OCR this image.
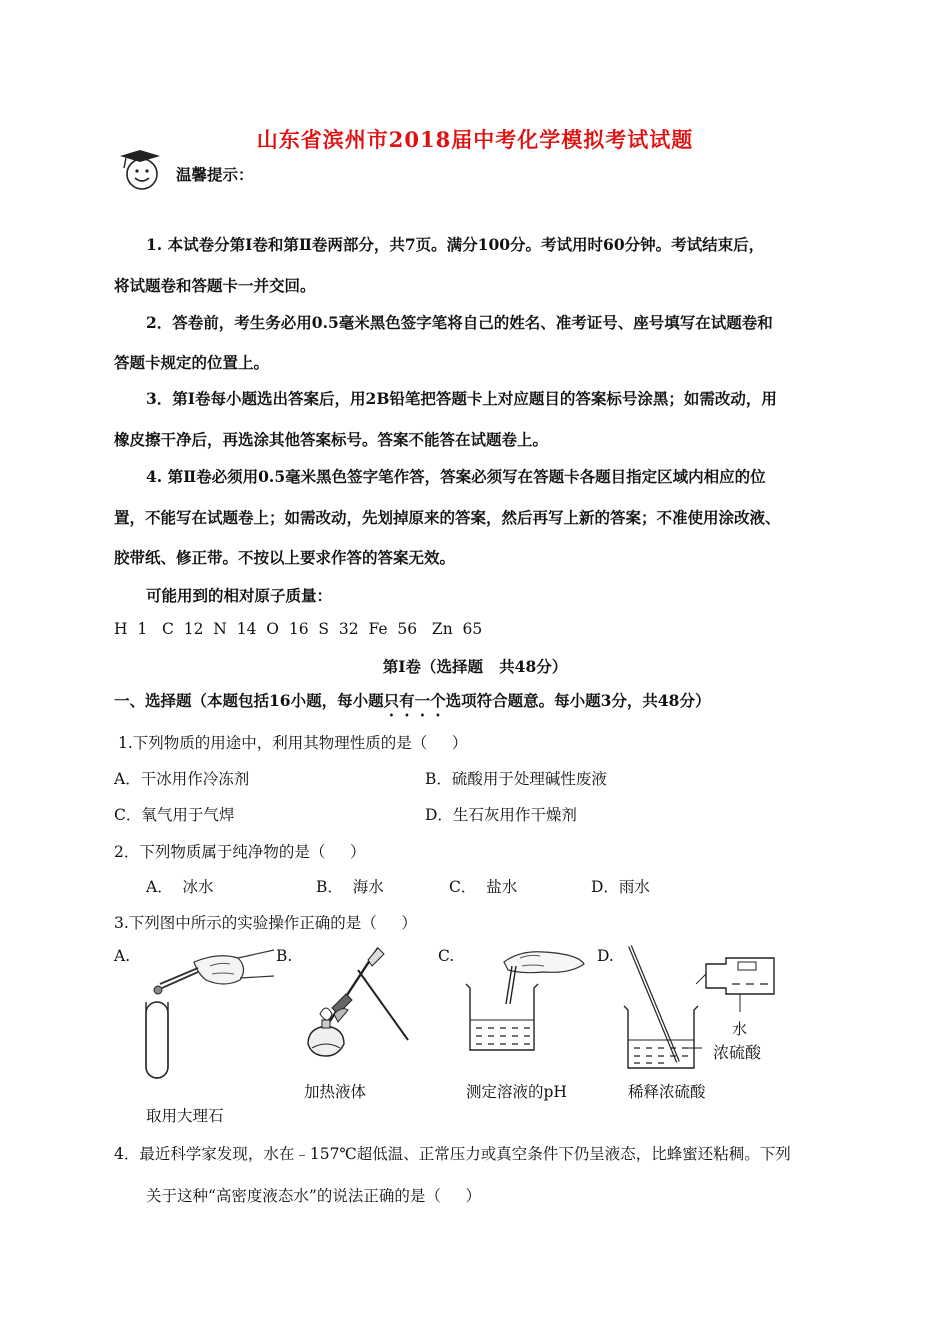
山东省滨州市2018届中考化学模拟考试试题
温馨提示：
1. 本试卷分第Ⅰ卷和第Ⅱ卷两部分，共7页。满分100分。考试用时60分钟。考试结束后，
将试题卷和答题卡一并交回。
2．答卷前，考生务必用0.5毫米黑色签字笔将自己的姓名、准考证号、座号填写在试题卷和
答题卡规定的位置上。
3．第Ⅰ卷每小题选出答案后，用2B铅笔把答题卡上对应题目的答案标号涂黑；如需改动，用
橡皮擦干净后，再选涂其他答案标号。答案不能答在试题卷上。
4. 第Ⅱ卷必须用0.5毫米黑色签字笔作答，答案必须写在答题卡各题目指定区域内相应的位
置，不能写在试题卷上；如需改动，先划掉原来的答案，然后再写上新的答案；不准使用涂改液、
胶带纸、修正带。不按以上要求作答的答案无效。
可能用到的相对原子质量：
H  1   C  12  N  14  O  16  S  32  Fe  56   Zn  65
第Ⅰ卷（选择题   共48分）
一、选择题（本题包括16小题，每小题只有一个选项符合题意。每小题3分，共48分）
1.下列物质的用途中，利用其物理性质的是（     ）
A．干冰用作冷冻剂	B．硫酸用于处理碱性废液
C．氧气用于气焊	D．生石灰用作干燥剂
2．下列物质属于纯净物的是（     ）
A．  冰水	B．  海水	C．  盐水	D．雨水
3.下列图中所示的实验操作正确的是（     ）
A.	B.	C.	D.
取用大理石
加热液体	测定溶液的pH
水
浓硫酸
稀释浓硫酸
4．最近科学家发现，水在﹣157℃超低温、正常压力或真空条件下仍呈液态，比蜂蜜还粘稠。下列
关于这种“高密度液态水”的说法正确的是（     ）
